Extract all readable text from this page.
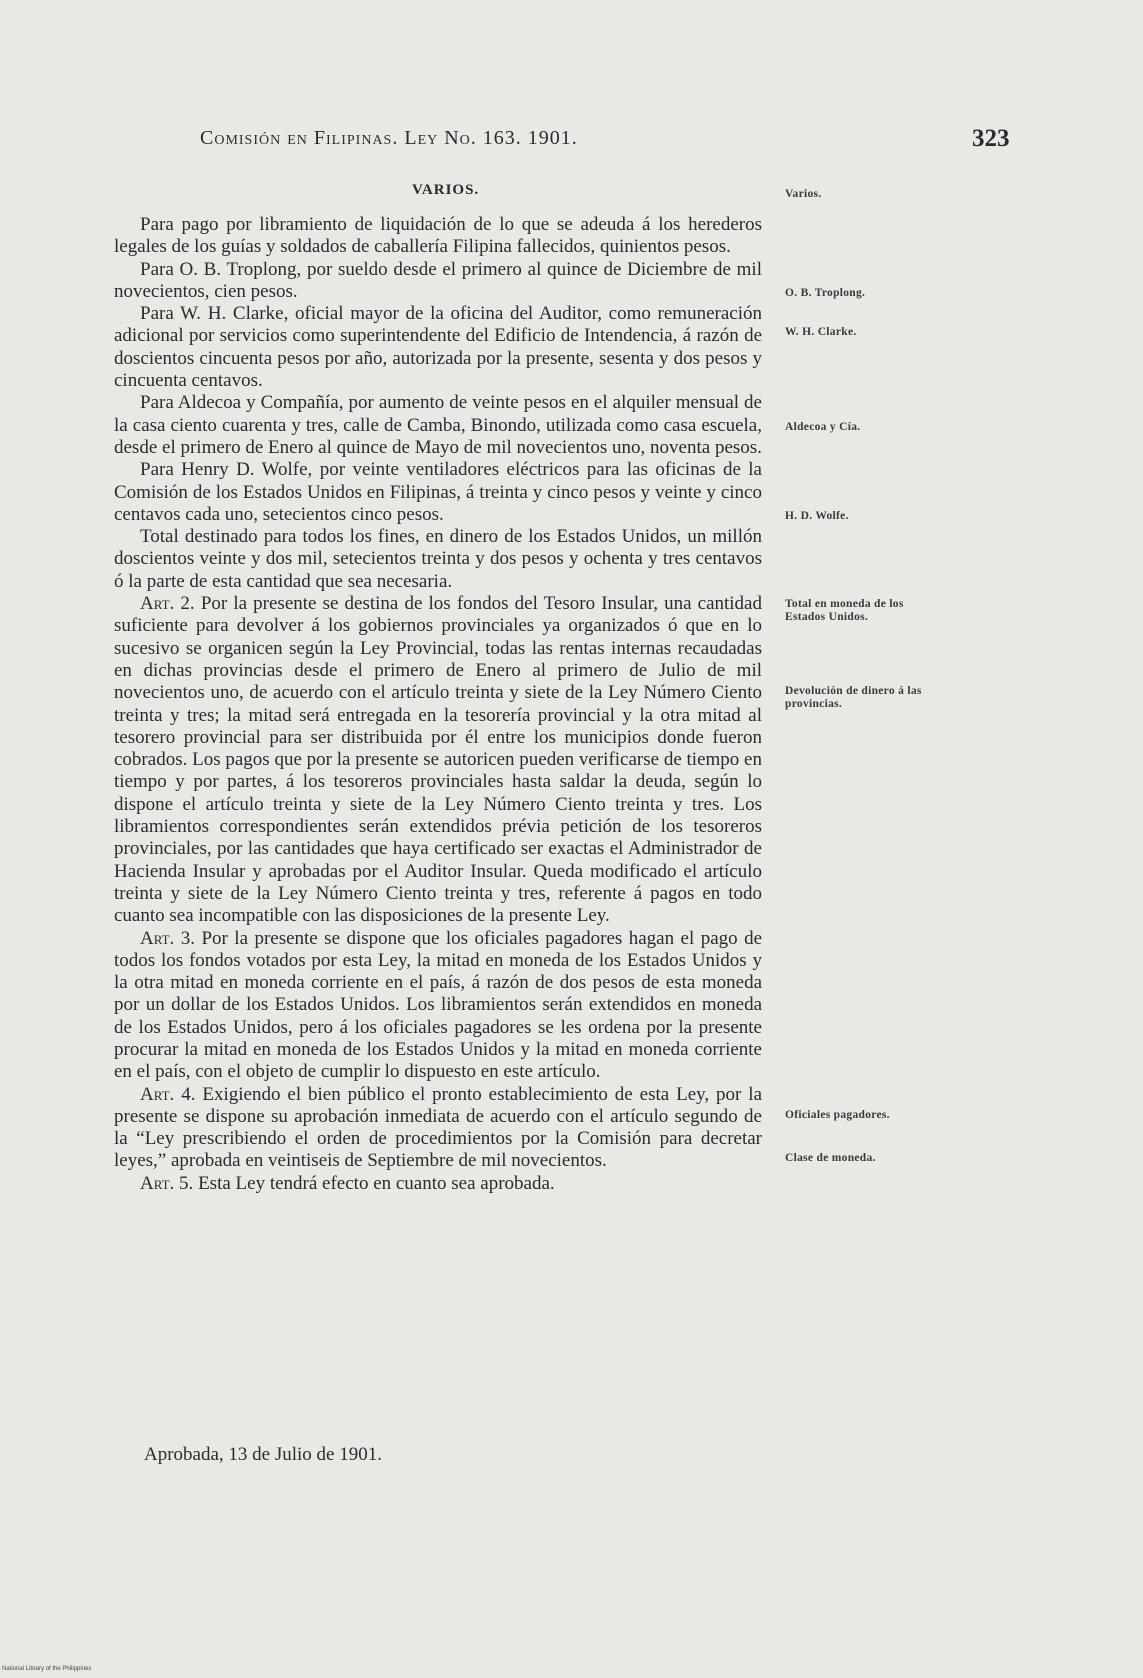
Comisión en Filipinas. Ley No. 163. 1901.	323
VARIOS.

Para pago por libramiento de liquidación de lo que se adeuda á los herederos legales de los guías y soldados de caballería Filipina fallecidos, quinientos pesos.

Para O. B. Troplong, por sueldo desde el primero al quince de Diciembre de mil novecientos, cien pesos.

Para W. H. Clarke, oficial mayor de la oficina del Auditor, como remuneración adicional por servicios como superintendente del Edificio de Intendencia, á razón de doscientos cincuenta pesos por año, autorizada por la presente, sesenta y dos pesos y cincuenta centavos.

Para Aldecoa y Compañía, por aumento de veinte pesos en el alquiler mensual de la casa ciento cuarenta y tres, calle de Camba, Binondo, utilizada como casa escuela, desde el primero de Enero al quince de Mayo de mil novecientos uno, noventa pesos.

Para Henry D. Wolfe, por veinte ventiladores eléctricos para las oficinas de la Comisión de los Estados Unidos en Filipinas, á treinta y cinco pesos y veinte y cinco centavos cada uno, setecientos cinco pesos.

Total destinado para todos los fines, en dinero de los Estados Unidos, un millón doscientos veinte y dos mil, setecientos treinta y dos pesos y ochenta y tres centavos ó la parte de esta cantidad que sea necesaria.

Art. 2. Por la presente se destina de los fondos del Tesoro Insular, una cantidad suficiente para devolver á los gobiernos provinciales ya organizados ó que en lo sucesivo se organicen según la Ley Provincial, todas las rentas internas recaudadas en dichas provincias desde el primero de Enero al primero de Julio de mil novecientos uno, de acuerdo con el artículo treinta y siete de la Ley Número Ciento treinta y tres; la mitad será entregada en la tesorería provincial y la otra mitad al tesorero provincial para ser distribuida por él entre los municipios donde fueron cobrados. Los pagos que por la presente se autoricen pueden verificarse de tiempo en tiempo y por partes, á los tesoreros provinciales hasta saldar la deuda, según lo dispone el artículo treinta y siete de la Ley Número Ciento treinta y tres. Los libramientos correspondientes serán extendidos prévia petición de los tesoreros provinciales, por las cantidades que haya certificado ser exactas el Administrador de Hacienda Insular y aprobadas por el Auditor Insular. Queda modificado el artículo treinta y siete de la Ley Número Ciento treinta y tres, referente á pagos en todo cuanto sea incompatible con las disposiciones de la presente Ley.

Art. 3. Por la presente se dispone que los oficiales pagadores hagan el pago de todos los fondos votados por esta Ley, la mitad en moneda de los Estados Unidos y la otra mitad en moneda corriente en el país, á razón de dos pesos de esta moneda por un dollar de los Estados Unidos. Los libramientos serán extendidos en moneda de los Estados Unidos, pero á los oficiales pagadores se les ordena por la presente procurar la mitad en moneda de los Estados Unidos y la mitad en moneda corriente en el país, con el objeto de cumplir lo dispuesto en este artículo.

Art. 4. Exigiendo el bien público el pronto establecimiento de esta Ley, por la presente se dispone su aprobación inmediata de acuerdo con el artículo segundo de la “Ley prescribiendo el orden de procedimientos por la Comisión para decretar leyes,” aprobada en veintiseis de Septiembre de mil novecientos.

Art. 5. Esta Ley tendrá efecto en cuanto sea aprobada.

Aprobada, 13 de Julio de 1901.
Varios.
O. B. Troplong.
W. H. Clarke.
Aldecoa y Cía.
H. D. Wolfe.
Total en moneda de los Estados Unidos.
Devolución de dinero á las provincias.
Oficiales pagadores.
Clase de moneda.
National Library of the Philippines
